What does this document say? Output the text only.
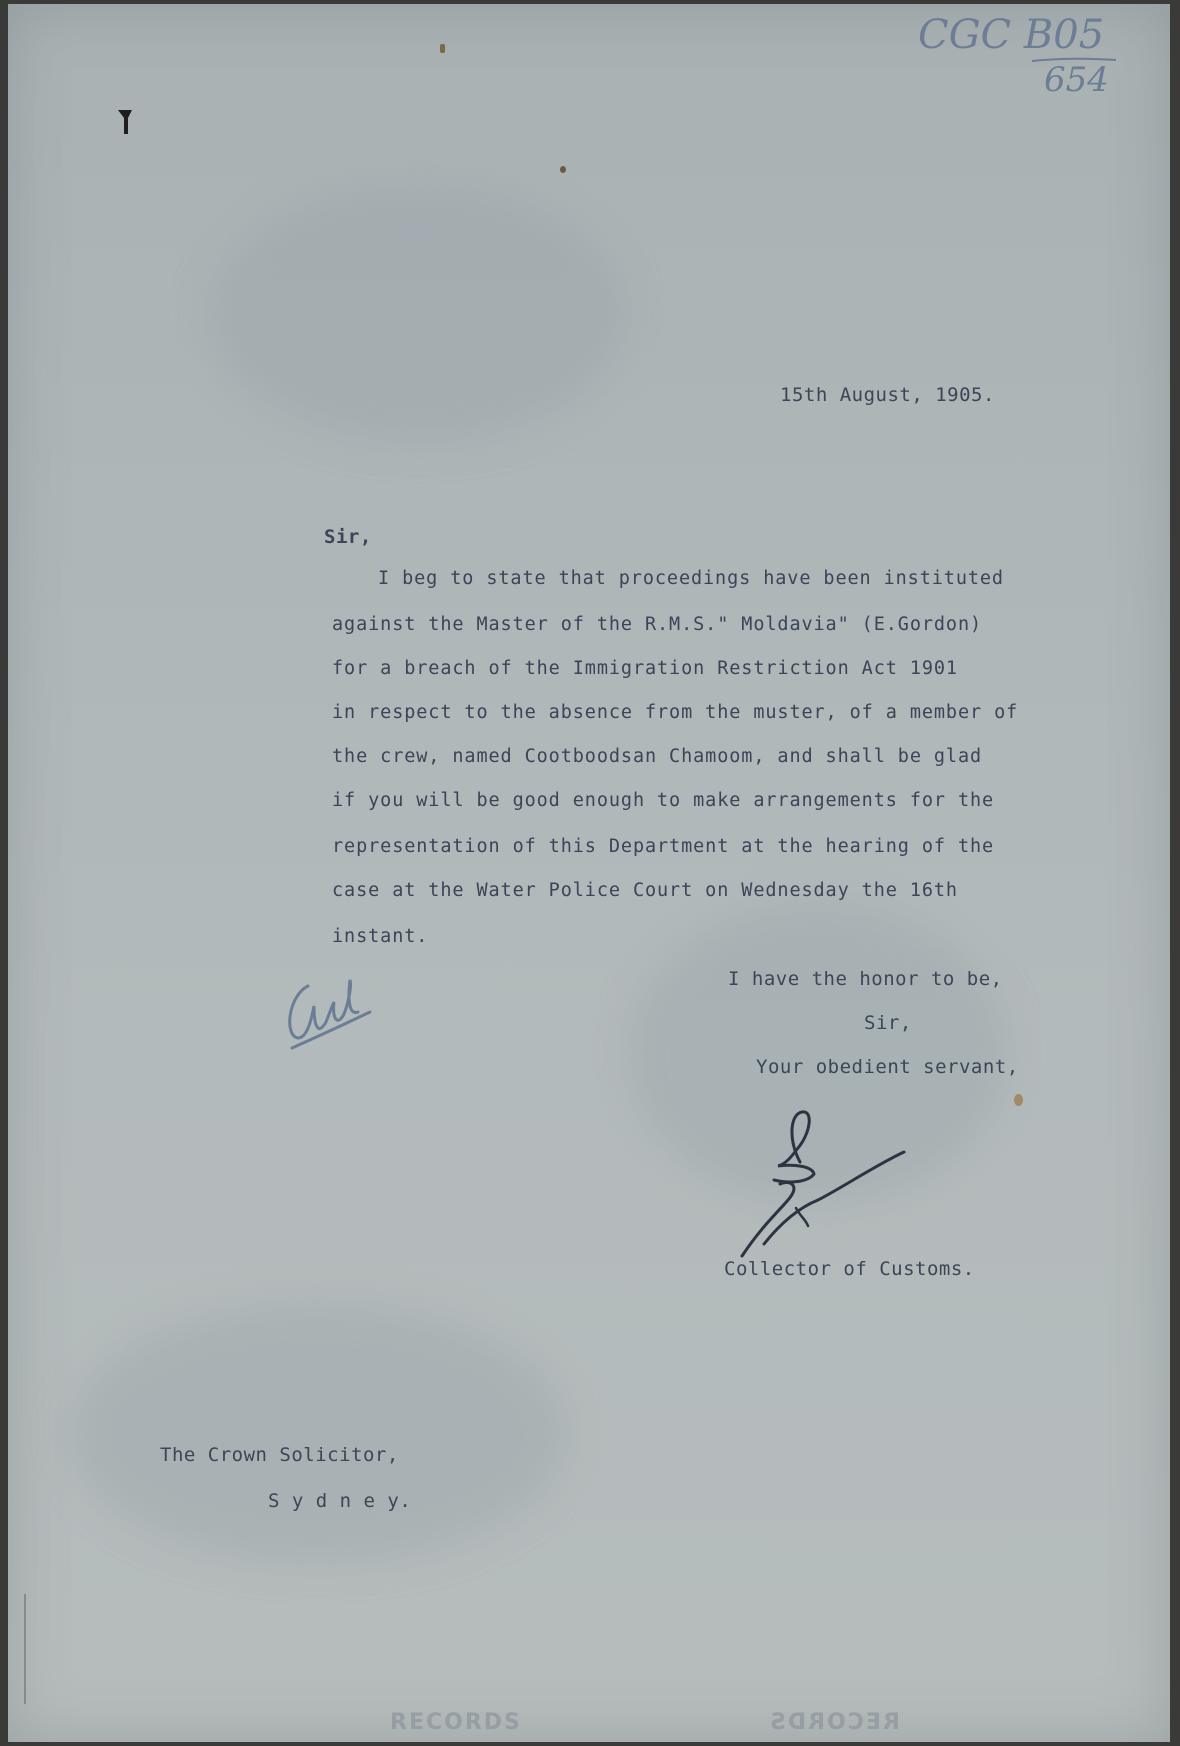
CGC B05
654
15th August, 1905.
Sir,
I beg to state that proceedings have been instituted
against the Master of the R.M.S." Moldavia" (E.Gordon)
for a breach of the Immigration Restriction Act 1901
in respect to the absence from the muster, of a member of
the crew, named Cootboodsan Chamoom, and shall be glad
if you will be good enough to make arrangements for the
representation of this Department at the hearing of the
case at the Water Police Court on Wednesday the 16th
instant.
I have the honor to be,
Sir,
Your obedient servant,
Collector of Customs.
The Crown Solicitor,
S y d n e y.
RECORDS	RECORDS
